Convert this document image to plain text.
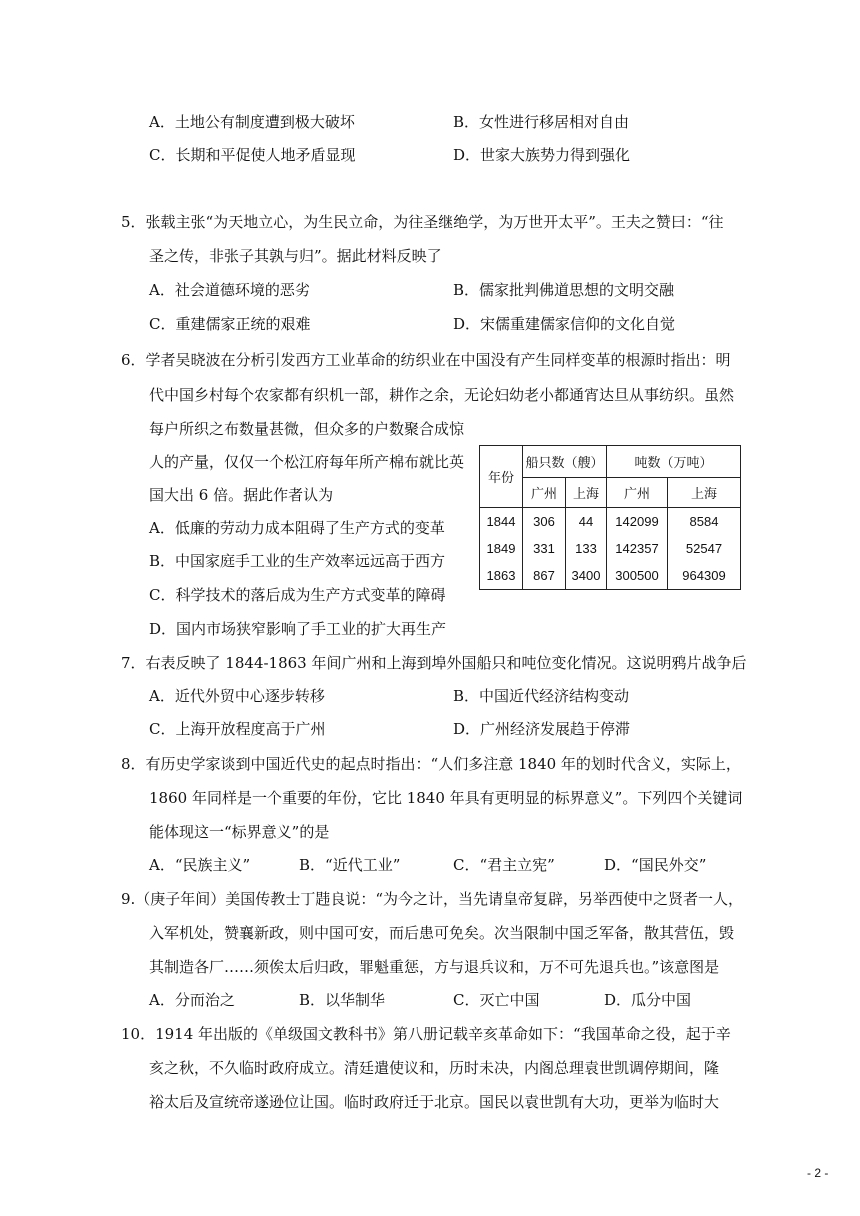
A．土地公有制度遭到极大破坏	B．女性进行移居相对自由
C．长期和平促使人地矛盾显现	D．世家大族势力得到强化
5．张载主张“为天地立心，为生民立命，为往圣继绝学，为万世开太平”。王夫之赞曰：“往
圣之传，非张子其孰与归”。据此材料反映了
A．社会道德环境的恶劣	B．儒家批判佛道思想的文明交融
C．重建儒家正统的艰难	D．宋儒重建儒家信仰的文化自觉
6．学者吴晓波在分析引发西方工业革命的纺织业在中国没有产生同样变革的根源时指出：明
代中国乡村每个农家都有织机一部，耕作之余，无论妇幼老小都通宵达旦从事纺织。虽然
每户所织之布数量甚微，但众多的户数聚合成惊
人的产量，仅仅一个松江府每年所产棉布就比英
国大出 6 倍。据此作者认为
A．低廉的劳动力成本阻碍了生产方式的变革
B．中国家庭手工业的生产效率远远高于西方
C．科学技术的落后成为生产方式变革的障碍
D．国内市场狭窄影响了手工业的扩大再生产
年份	船只数（艘）		吨数（万吨）	
	广州	上海	广州	上海
1844	306	44	142099	8584
1849	331	133	142357	52547
1863	867	3400	300500	964309
7．右表反映了 1844-1863 年间广州和上海到埠外国船只和吨位变化情况。这说明鸦片战争后
A．近代外贸中心逐步转移	B．中国近代经济结构变动
C．上海开放程度高于广州	D．广州经济发展趋于停滞
8．有历史学家谈到中国近代史的起点时指出：“人们多注意 1840 年的划时代含义，实际上，
1860 年同样是一个重要的年份，它比 1840 年具有更明显的标界意义”。下列四个关键词
能体现这一“标界意义”的是
A．“民族主义”	B．“近代工业”	C．“君主立宪”	D．“国民外交”
9.（庚子年间）美国传教士丁韪良说：“为今之计，当先请皇帝复辟，另举西使中之贤者一人，
入军机处，赞襄新政，则中国可安，而后患可免矣。次当限制中国乏军备，散其营伍，毁
其制造各厂……须俟太后归政，罪魁重惩，方与退兵议和，万不可先退兵也。”该意图是
A．分而治之	B．以华制华	C．灭亡中国	D．瓜分中国
10．1914 年出版的《单级国文教科书》第八册记载辛亥革命如下：“我国革命之役，起于辛
亥之秋，不久临时政府成立。清廷遣使议和，历时未决，内阁总理袁世凯调停期间，隆
裕太后及宣统帝遂逊位让国。临时政府迁于北京。国民以袁世凯有大功，更举为临时大
- 2 -
